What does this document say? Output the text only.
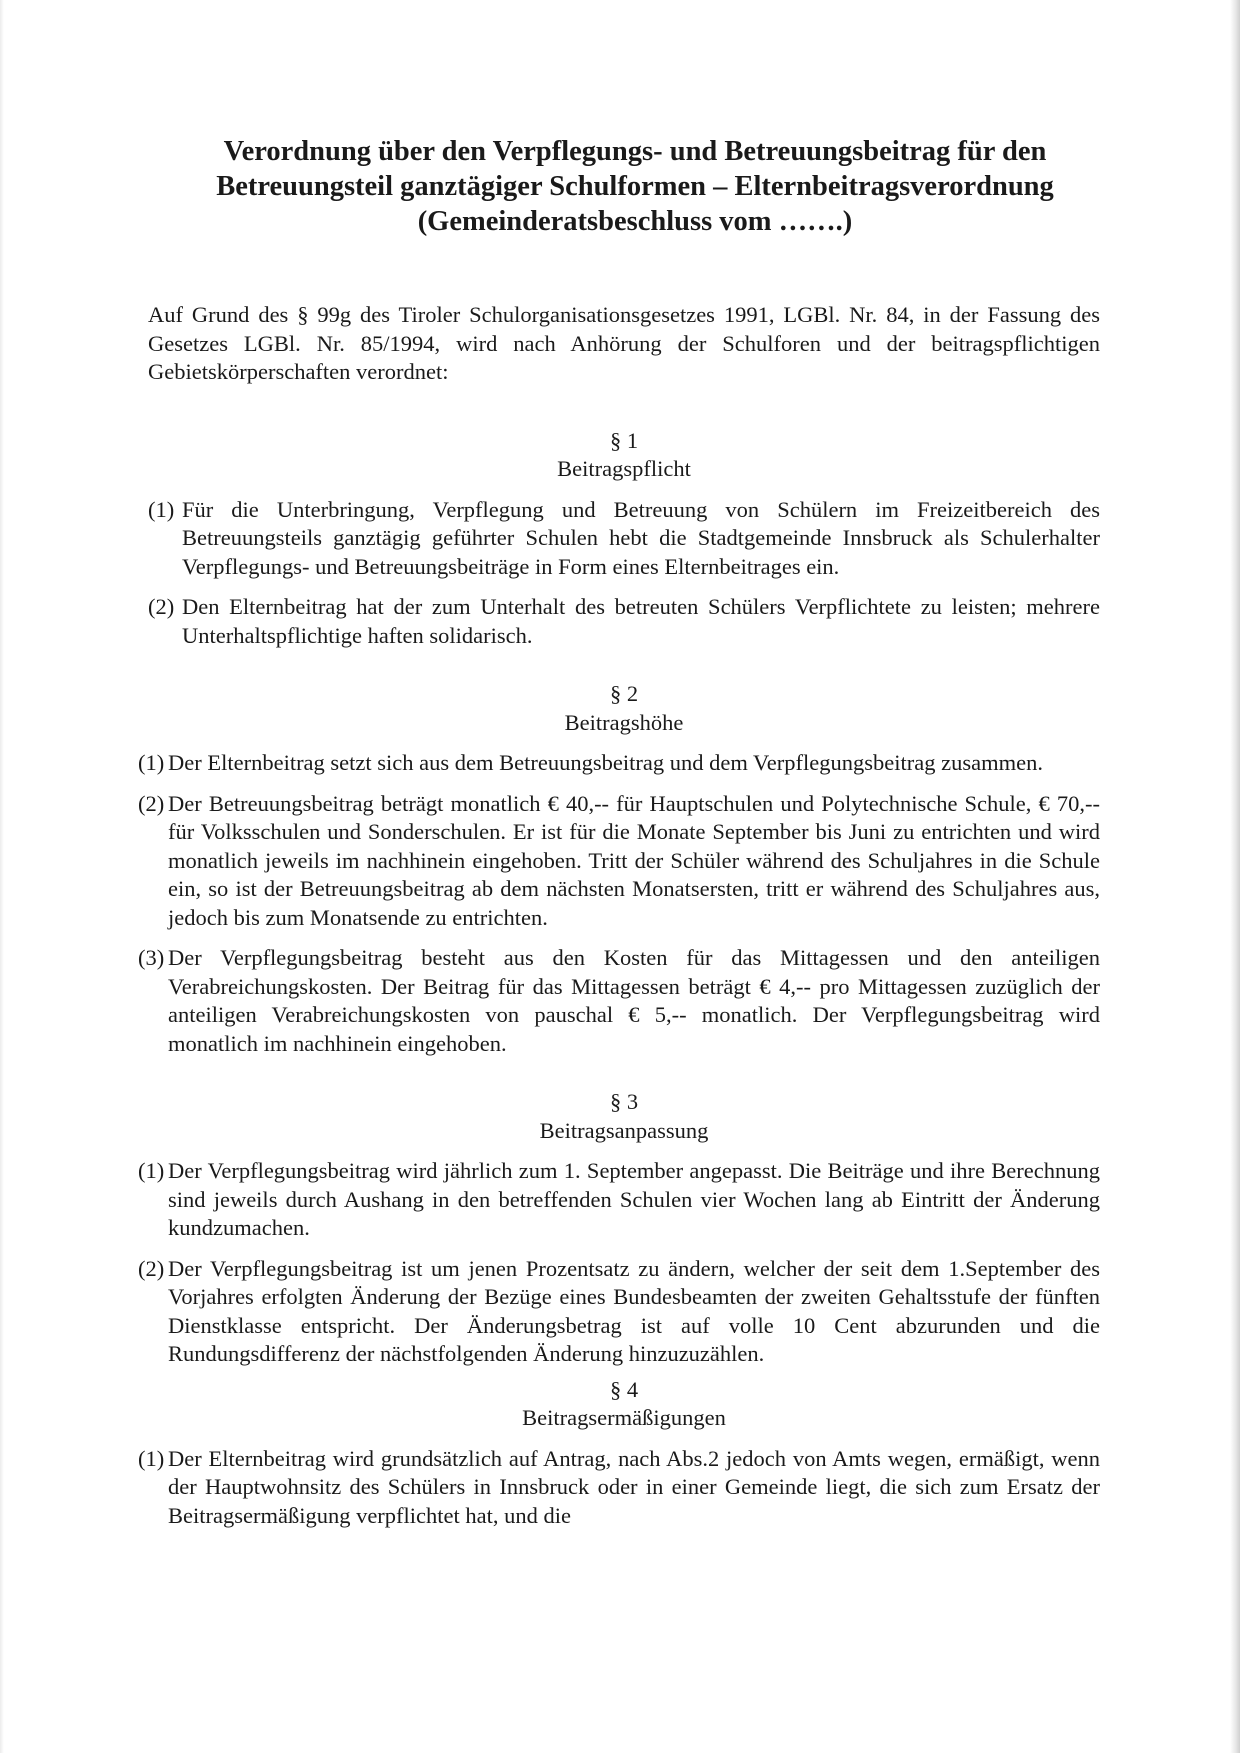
Verordnung über den Verpflegungs- und Betreuungsbeitrag für den
Betreuungsteil ganztägiger Schulformen – Elternbeitragsverordnung
(Gemeinderatsbeschluss vom …….)

Auf Grund des § 99g des Tiroler Schulorganisationsgesetzes 1991, LGBl. Nr. 84, in der Fassung des Gesetzes LGBl. Nr. 85/1994, wird nach Anhörung der Schulforen und der beitragspflichtigen Gebietskörperschaften verordnet:

§ 1
Beitragspflicht
(1) Für die Unterbringung, Verpflegung und Betreuung von Schülern im Freizeitbereich des Betreuungsteils ganztägig geführter Schulen hebt die Stadtgemeinde Innsbruck als Schulerhalter Verpflegungs- und Betreuungsbeiträge in Form eines Elternbeitrages ein.
(2) Den Elternbeitrag hat der zum Unterhalt des betreuten Schülers Verpflichtete zu leisten; mehrere Unterhaltspflichtige haften solidarisch.
§ 2
Beitragshöhe
(1) Der Elternbeitrag setzt sich aus dem Betreuungsbeitrag und dem Verpflegungsbeitrag zusammen.
(2) Der Betreuungsbeitrag beträgt monatlich € 40,-- für Hauptschulen und Polytechnische Schule, € 70,-- für Volksschulen und Sonderschulen. Er ist für die Monate September bis Juni zu entrichten und wird monatlich jeweils im nachhinein eingehoben. Tritt der Schüler während des Schuljahres in die Schule ein, so ist der Betreuungsbeitrag ab dem nächsten Monatsersten, tritt er während des Schuljahres aus, jedoch bis zum Monatsende zu entrichten.
(3) Der Verpflegungsbeitrag besteht aus den Kosten für das Mittagessen und den anteiligen Verabreichungskosten. Der Beitrag für das Mittagessen beträgt € 4,-- pro Mittagessen zuzüglich der anteiligen Verabreichungskosten von pauschal € 5,-- monatlich. Der Verpflegungsbeitrag wird monatlich im nachhinein eingehoben.
§ 3
Beitragsanpassung
(1) Der Verpflegungsbeitrag wird jährlich zum 1. September angepasst. Die Beiträge und ihre Berechnung sind jeweils durch Aushang in den betreffenden Schulen vier Wochen lang ab Eintritt der Änderung kundzumachen.
(2) Der Verpflegungsbeitrag ist um jenen Prozentsatz zu ändern, welcher der seit dem 1.September des Vorjahres erfolgten Änderung der Bezüge eines Bundesbeamten der zweiten Gehaltsstufe der fünften Dienstklasse entspricht. Der Änderungsbetrag ist auf volle 10 Cent abzurunden und die Rundungsdifferenz der nächstfolgenden Änderung hinzuzuzählen.
§ 4
Beitragsermäßigungen
(1) Der Elternbeitrag wird grundsätzlich auf Antrag, nach Abs.2 jedoch von Amts wegen, ermäßigt, wenn der Hauptwohnsitz des Schülers in Innsbruck oder in einer Gemeinde liegt, die sich zum Ersatz der Beitragsermäßigung verpflichtet hat, und die
